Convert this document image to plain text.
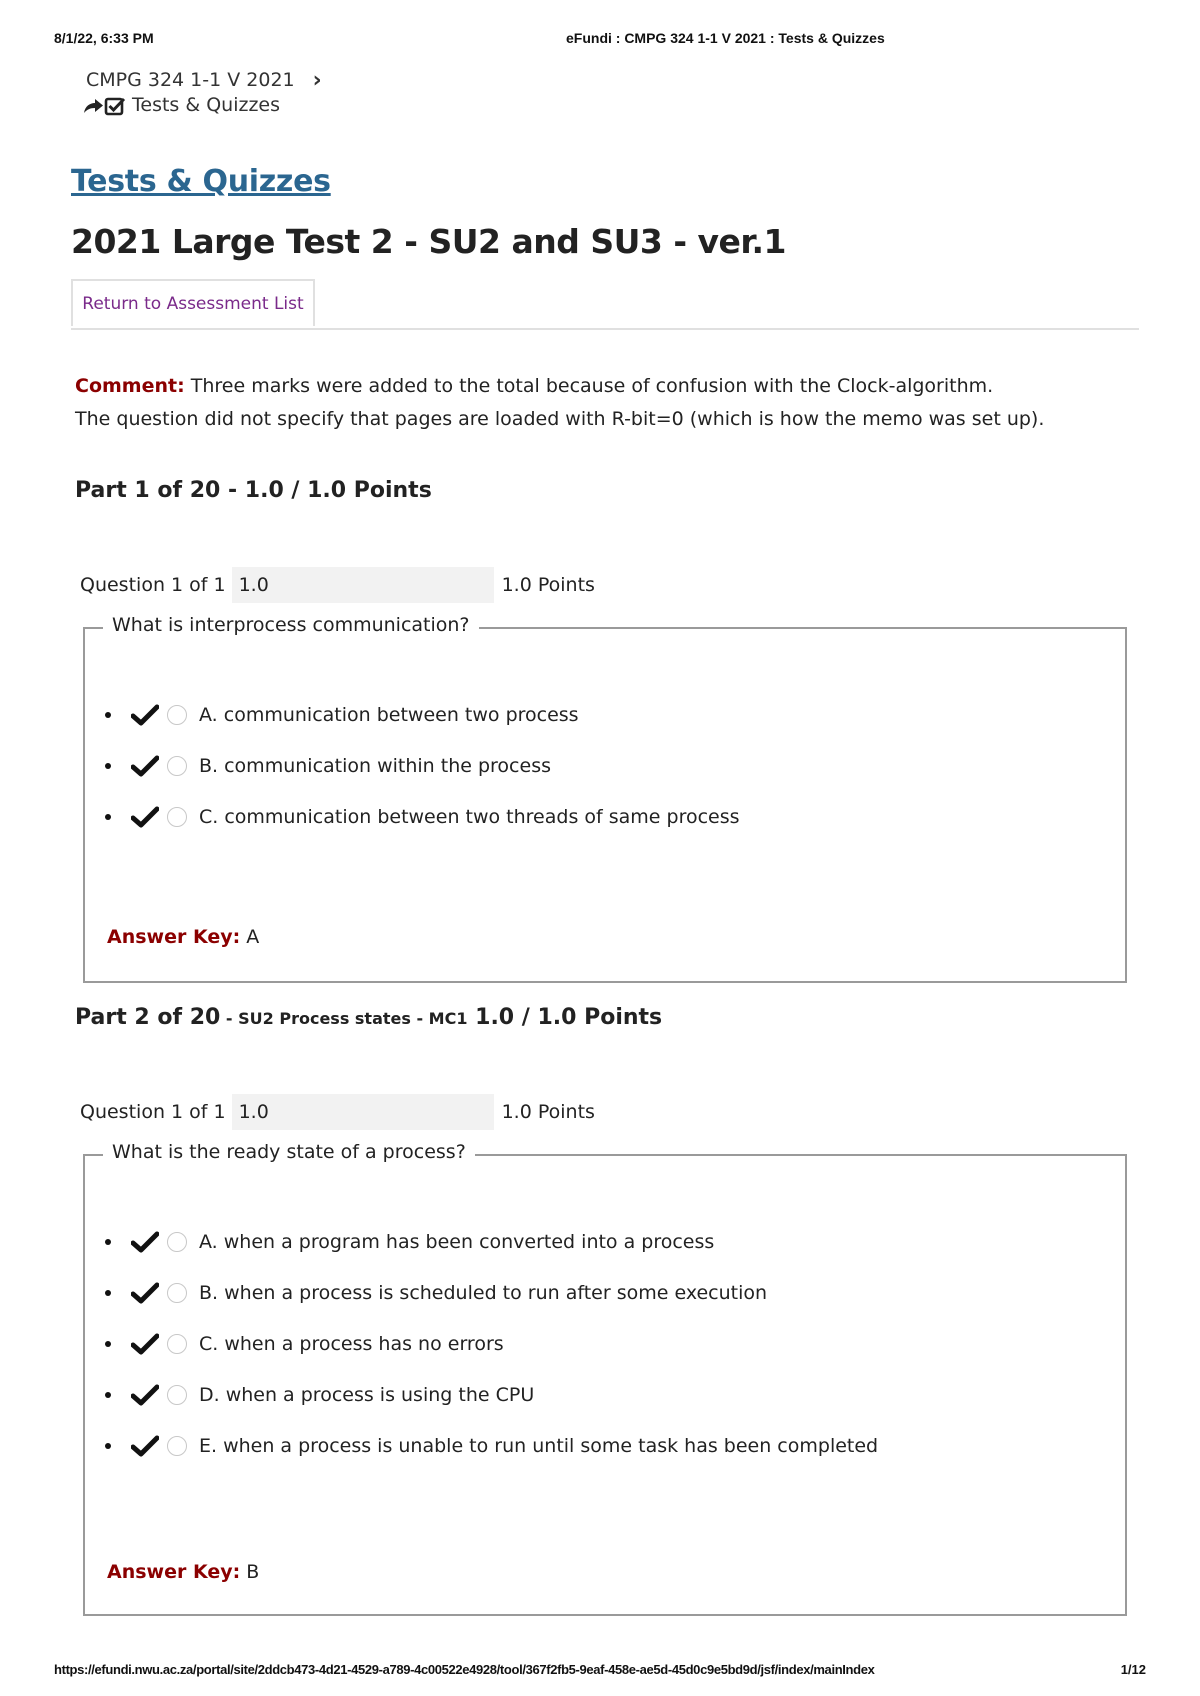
8/1/22, 6:33 PM	eFundi : CMPG 324 1-1 V 2021 : Tests & Quizzes
CMPG 324 1-1 V 2021 ›
Tests & Quizzes
Tests & Quizzes
2021 Large Test 2 - SU2 and SU3 - ver.1
Return to Assessment List
Comment: Three marks were added to the total because of confusion with the Clock-algorithm.
The question did not specify that pages are loaded with R-bit=0 (which is how the memo was set up).
Part 1 of 20 - 1.0 / 1.0 Points
Question 1 of 1
1.0	1.0 Points
What is interprocess communication?
A. communication between two process
B. communication within the process
C. communication between two threads of same process
Answer Key: A
Part 2 of 20 - SU2 Process states - MC1 1.0 / 1.0 Points
Question 1 of 1
1.0	1.0 Points
What is the ready state of a process?
A. when a program has been converted into a process
B. when a process is scheduled to run after some execution
C. when a process has no errors
D. when a process is using the CPU
E. when a process is unable to run until some task has been completed
Answer Key: B
https://efundi.nwu.ac.za/portal/site/2ddcb473-4d21-4529-a789-4c00522e4928/tool/367f2fb5-9eaf-458e-ae5d-45d0c9e5bd9d/jsf/index/mainIndex	1/12
